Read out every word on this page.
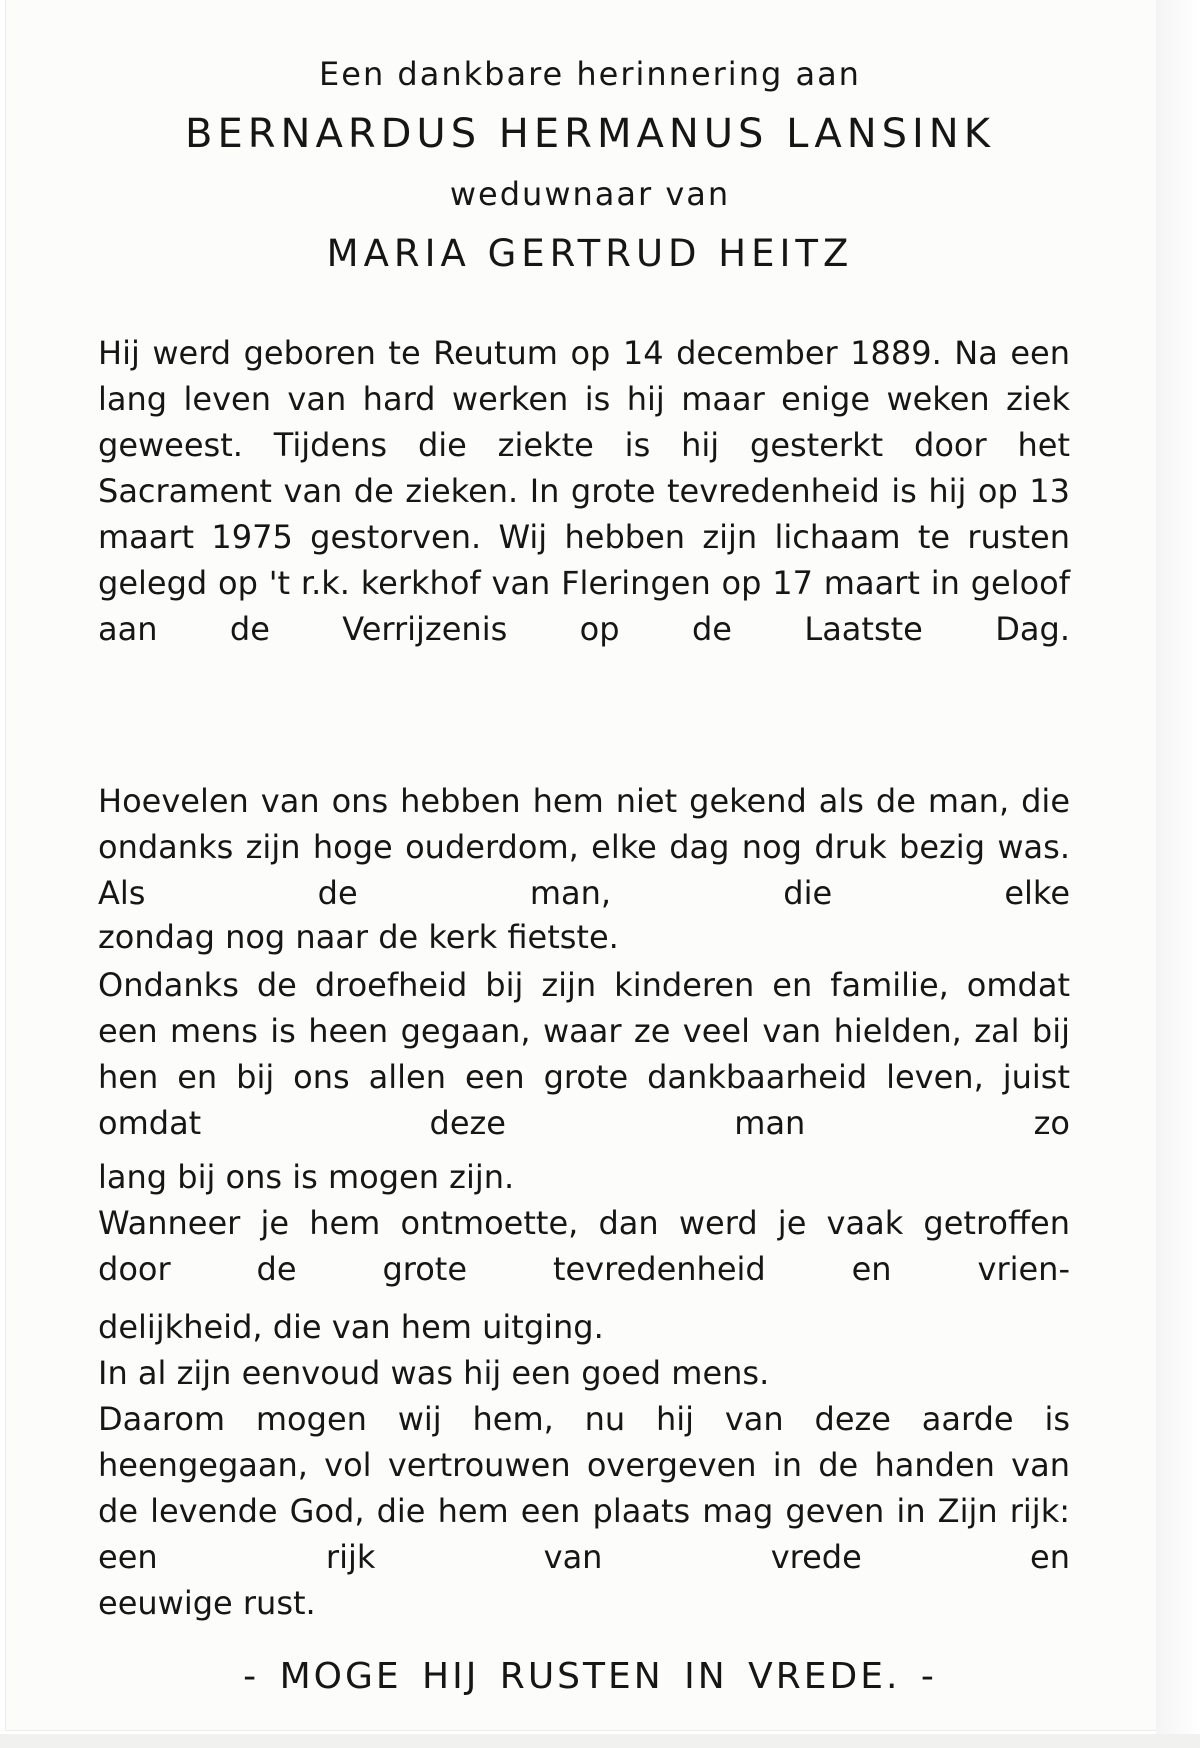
Een dankbare herinnering aan
BERNARDUS HERMANUS LANSINK
weduwnaar van
MARIA GERTRUD HEITZ

Hij werd geboren te Reutum op 14 december 1889. Na een lang leven van hard werken is hij maar enige weken ziek geweest. Tijdens die ziekte is hij gesterkt door het Sacrament van de zieken. In grote tevredenheid is hij op 13 maart 1975 gestorven. Wij hebben zijn lichaam te rusten gelegd op 't r.k. kerkhof van Fleringen op 17 maart in geloof aan de Verrijzenis op de Laatste Dag.

Hoevelen van ons hebben hem niet gekend als de man, die ondanks zijn hoge ouderdom, elke dag nog druk bezig was. Als de man, die elke

zondag nog naar de kerk fietste.

Ondanks de droefheid bij zijn kinderen en familie, omdat een mens is heen gegaan, waar ze veel van hielden, zal bij hen en bij ons allen een grote dankbaarheid leven, juist omdat deze man zo

lang bij ons is mogen zijn.

Wanneer je hem ontmoette, dan werd je vaak getroffen door de grote tevredenheid en vrien-

delijkheid, die van hem uitging.

In al zijn eenvoud was hij een goed mens.

Daarom mogen wij hem, nu hij van deze aarde is heengegaan, vol vertrouwen overgeven in de handen van de levende God, die hem een plaats mag geven in Zijn rijk: een rijk van vrede en

eeuwige rust.

- MOGE HIJ RUSTEN IN VREDE. -
